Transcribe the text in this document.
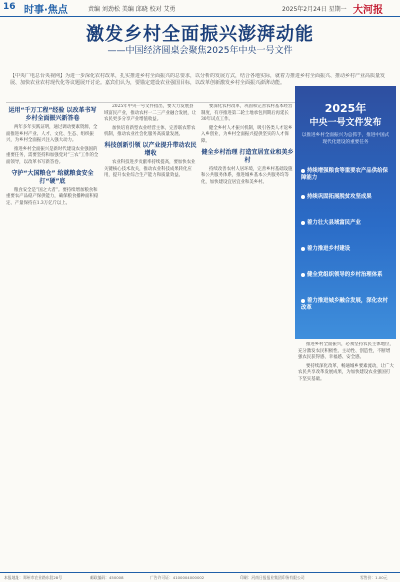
16 时事·焦点	责编 刘劲松 美编 邱晓 校对 艾勇	2025年2月24日 星期一 大河报
激发乡村全面振兴澎湃动能
——中国经济圆桌会聚焦2025年中央一号文件
【中央广电总台央视网】为进一步深化农村改革，扎实推进乡村全面振兴的总要求，以分析的发展方式，结合各地实际，就着力推进乡村全面振兴、推动乡村产业高质量发展、加快农业农村现代化等议题展开讨论。嘉宾们认为，要锚定建设农业强国目标，以改革创新激发乡村全面振兴澎湃动能。
运用“千万工程”经验 以改革书写乡村全面振兴新答卷

两年多年实践证明，通过调动要素资源，全面推进乡村产业、人才、文化、生态、组织振兴，为乡村全面振兴注入强大动力。

推进乡村全面振兴是新时代建设农业强国的重要任务，需要坚持和加强党对“三农”工作的全面领导，以改革书写新答卷。

守护“大国粮仓” 给就粮食安全打“硬”底

粮食安全是“国之大者”。要持续增加粮食和重要农产品稳产保供能力，确保粮食播种面积稳定、产量保持在1.3万亿斤以上。

2025年中央一号文件指出，要大力发展县域富民产业，推动农村一二三产业融合发展，让农民更多分享产业增值收益。

加快培育新型农业经营主体，完善联农带农机制，推动农业社会化服务高质量发展。

科技创新引领 以产业提升带动农民增收

农业科技进步贡献率持续提高，要加快农业关键核心技术攻关，推动农业科技成果转化应用，提升农业综合生产能力和质量效益。

要深化农村改革，巩固和完善农村基本经营制度，有序推进第二轮土地承包到期后再延长30年试点工作。

健全乡村人才振兴机制，吸引各类人才返乡入乡创业，为乡村全面振兴提供坚实的人才保障。

健全乡村治理 打造宜居宜业和美乡村

持续改善农村人居环境，完善乡村基础设施和公共服务体系，推进城乡基本公共服务均等化，加快建设宜居宜业和美乡村。

2025年
中央一号文件发布
以推进乡村全面振兴为总抓手，推进中国式现代化建设的重要任务
持续增强粮食等重要农产品供给保障能力
持续巩固拓展脱贫攻坚成果
着力壮大县域富民产业
着力推进乡村建设
健全党组织领导的乡村治理体系
着力推进城乡融合发展，深化农村改革

推进乡村全面振兴，必须坚持农民主体地位，充分激发农民积极性、主动性、创造性，不断增强农民获得感、幸福感、安全感。

要持续深化改革，畅通城乡要素流动，让广大农民共享改革发展成果，为加快建设农业强国打下坚实基础。

本报地址：郑州市农业路东段28号	邮政编码：450008	广告许可证：4100004000002	印刷：河南日报报业集团印务有限公司	零售价：1.00元
